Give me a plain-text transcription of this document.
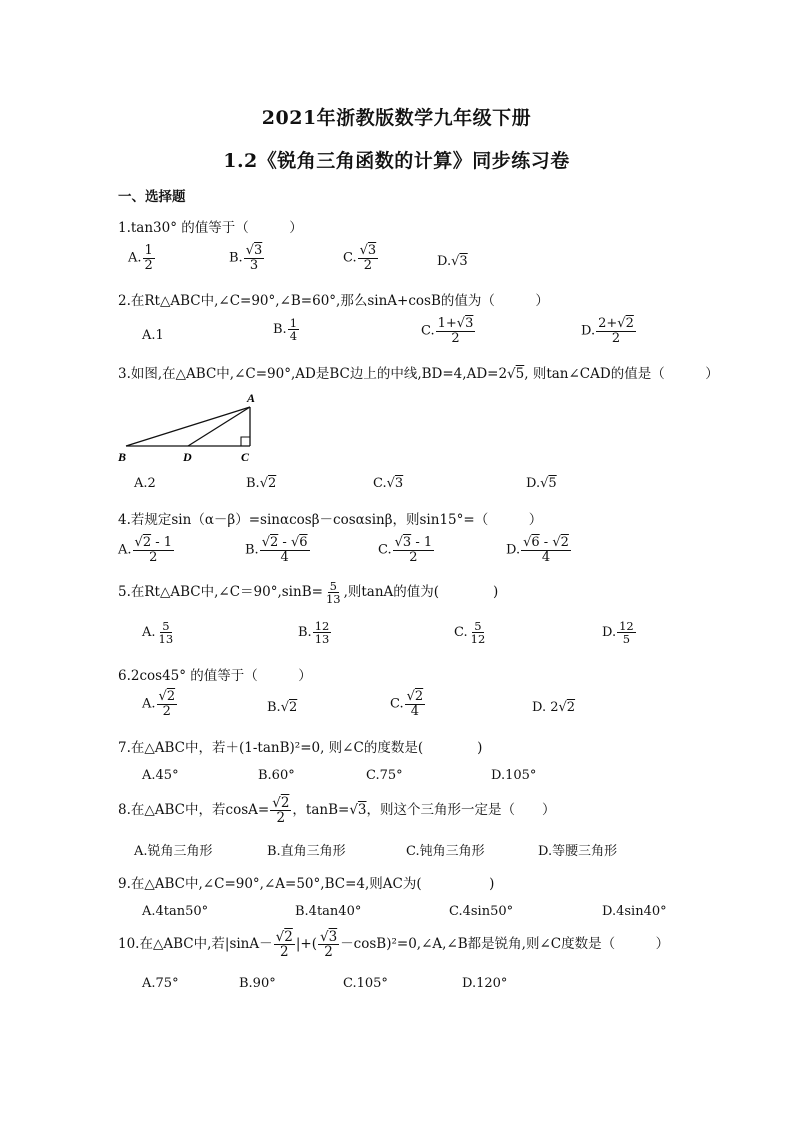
2021年浙教版数学九年级下册
1.2《锐角三角函数的计算》同步练习卷
一、选择题
1.tan30° 的值等于（　　　）
A. $\frac{1}{2}$	B. $\frac{√3}{3}$	C. $\frac{√3}{2}$	D.√3
2.在Rt△ABC中,∠C=90°,∠B=60°,那么sinA+cosB的值为（　　　）
A.1	B. $\frac{1}{4}$	C. $\frac{1+√3}{2}$	D. $\frac{2+√2}{2}$
3.如图,在△ABC中,∠C=90°,AD是BC边上的中线,BD=4,AD=2√5, 则tan∠CAD的值是（　　　）
A
B	D	C
A.2	B.√2	C.√3	D.√5
4.若规定sin（α－β）=sinαcosβ－cosαsinβ，则sin15°=（　　　）
A. $\frac{√2 - 1}{2}$	B. $\frac{√2 - √6}{4}$	C. $\frac{√3 - 1}{2}$	D. $\frac{√6 - √2}{4}$
5.在Rt△ABC中,∠C＝90°,sinB= $\frac{5}{13}$ ,则tanA的值为(　　　　)
A. $\frac{5}{13}$	B. $\frac{12}{13}$	C. $\frac{5}{12}$	D. $\frac{12}{5}$
6.2cos45° 的值等于（　　　）
A. $\frac{√2}{2}$	B.√2	C. $\frac{√2}{4}$	D. 2√2
7.在△ABC中，若＋(1-tanB)²=0, 则∠C的度数是(　　　　)
A.45°	B.60°	C.75°	D.105°
8.在△ABC中，若$\cos A= \frac{√2}{2}$ ，tanB=√3，则这个三角形一定是（　　）
A.锐角三角形	B.直角三角形	C.钝角三角形	D.等腰三角形
9.在△ABC中,∠C=90°,∠A=50°,BC=4,则AC为(　　　　　)
A.4tan50°	B.4tan40°	C.4sin50°	D.4sin40°
10.在△ABC中,若$|\sin A- \frac{√2}{2}$ |+( $\frac{√3}{2}$ －cosB)²=0,∠A,∠B都是锐角,则∠C度数是（　　　）
A.75°	B.90°	C.105°	D.120°
